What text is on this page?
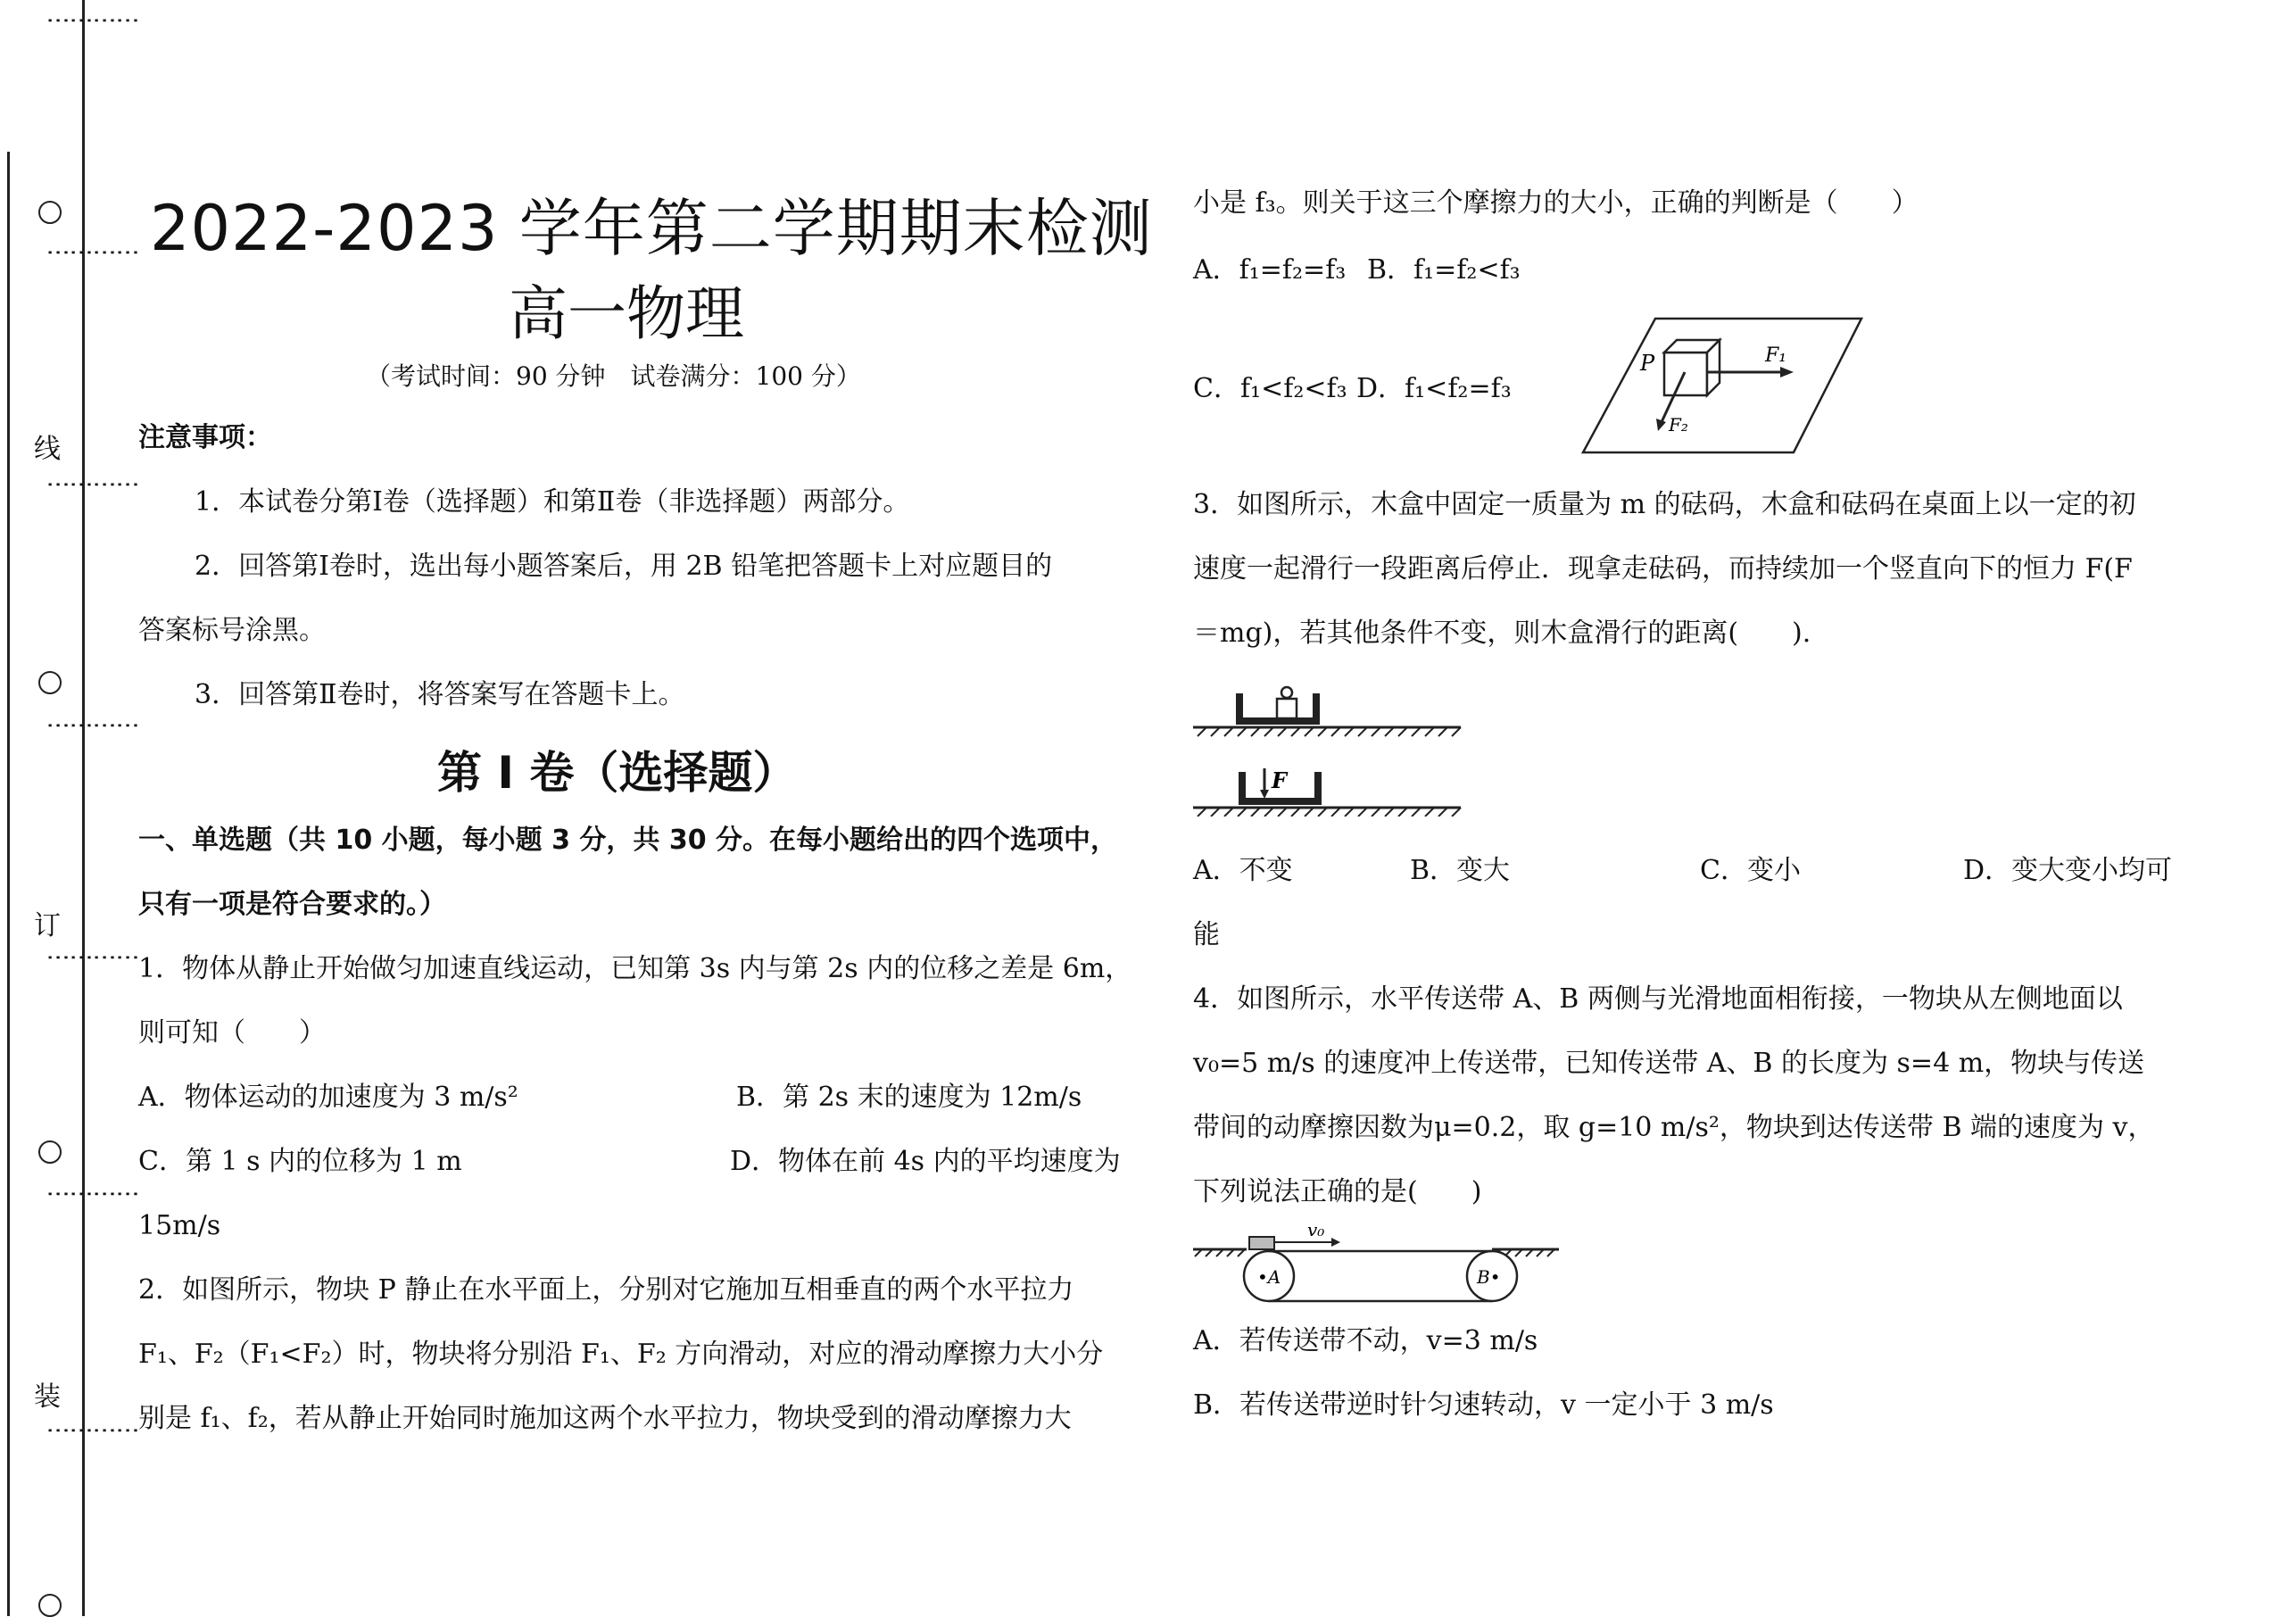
⋮
⋮
⋮
⋮
⋮
⋮
⋮
⋮
线
⋮
⋮
⋮
⋮
⋮
⋮
⋮
⋮
订
⋮
⋮
⋮
⋮
⋮
⋮
⋮
⋮
装
⋮
⋮
⋮
⋮
2022-2023 学年第二学期期末检测
高一物理
（考试时间：90 分钟　试卷满分：100 分）
注意事项：
1．本试卷分第Ⅰ卷（选择题）和第Ⅱ卷（非选择题）两部分。
2．回答第Ⅰ卷时，选出每小题答案后，用 2B 铅笔把答题卡上对应题目的
答案标号涂黑。
3．回答第Ⅱ卷时，将答案写在答题卡上。
第 I 卷（选择题）
一、单选题（共 10 小题，每小题 3 分，共 30 分。在每小题给出的四个选项中，
只有一项是符合要求的。）
1．物体从静止开始做匀加速直线运动，已知第 3s 内与第 2s 内的位移之差是 6m，
则可知（　　）
A．物体运动的加速度为 3 m/s²	B．第 2s 末的速度为 12m/s
C．第 1 s 内的位移为 1 m	D．物体在前 4s 内的平均速度为
15m/s
2．如图所示，物块 P 静止在水平面上，分别对它施加互相垂直的两个水平拉力
F₁、F₂（F₁<F₂）时，物块将分别沿 F₁、F₂ 方向滑动，对应的滑动摩擦力大小分
别是 f₁、f₂，若从静止开始同时施加这两个水平拉力，物块受到的滑动摩擦力大
小是 f₃。则关于这三个摩擦力的大小，正确的判断是（　　）
A．f₁=f₂=f₃ B．f₁=f₂<f₃
C．f₁<f₂<f₃ D．f₁<f₂=f₃
P	F₁
F₂
3．如图所示，木盒中固定一质量为 m 的砝码，木盒和砝码在桌面上以一定的初
速度一起滑行一段距离后停止．现拿走砝码，而持续加一个竖直向下的恒力 F(F
＝mg)，若其他条件不变，则木盒滑行的距离(　　).
F
A．不变	B．变大	C．变小	D．变大变小均可
能
4．如图所示，水平传送带 A、B 两侧与光滑地面相衔接，一物块从左侧地面以
v₀=5 m/s 的速度冲上传送带，已知传送带 A、B 的长度为 s=4 m，物块与传送
带间的动摩擦因数为μ=0.2，取 g=10 m/s²，物块到达传送带 B 端的速度为 v，
下列说法正确的是(　　)
v₀
•A	B•
A．若传送带不动，v=3 m/s
B．若传送带逆时针匀速转动，v 一定小于 3 m/s
